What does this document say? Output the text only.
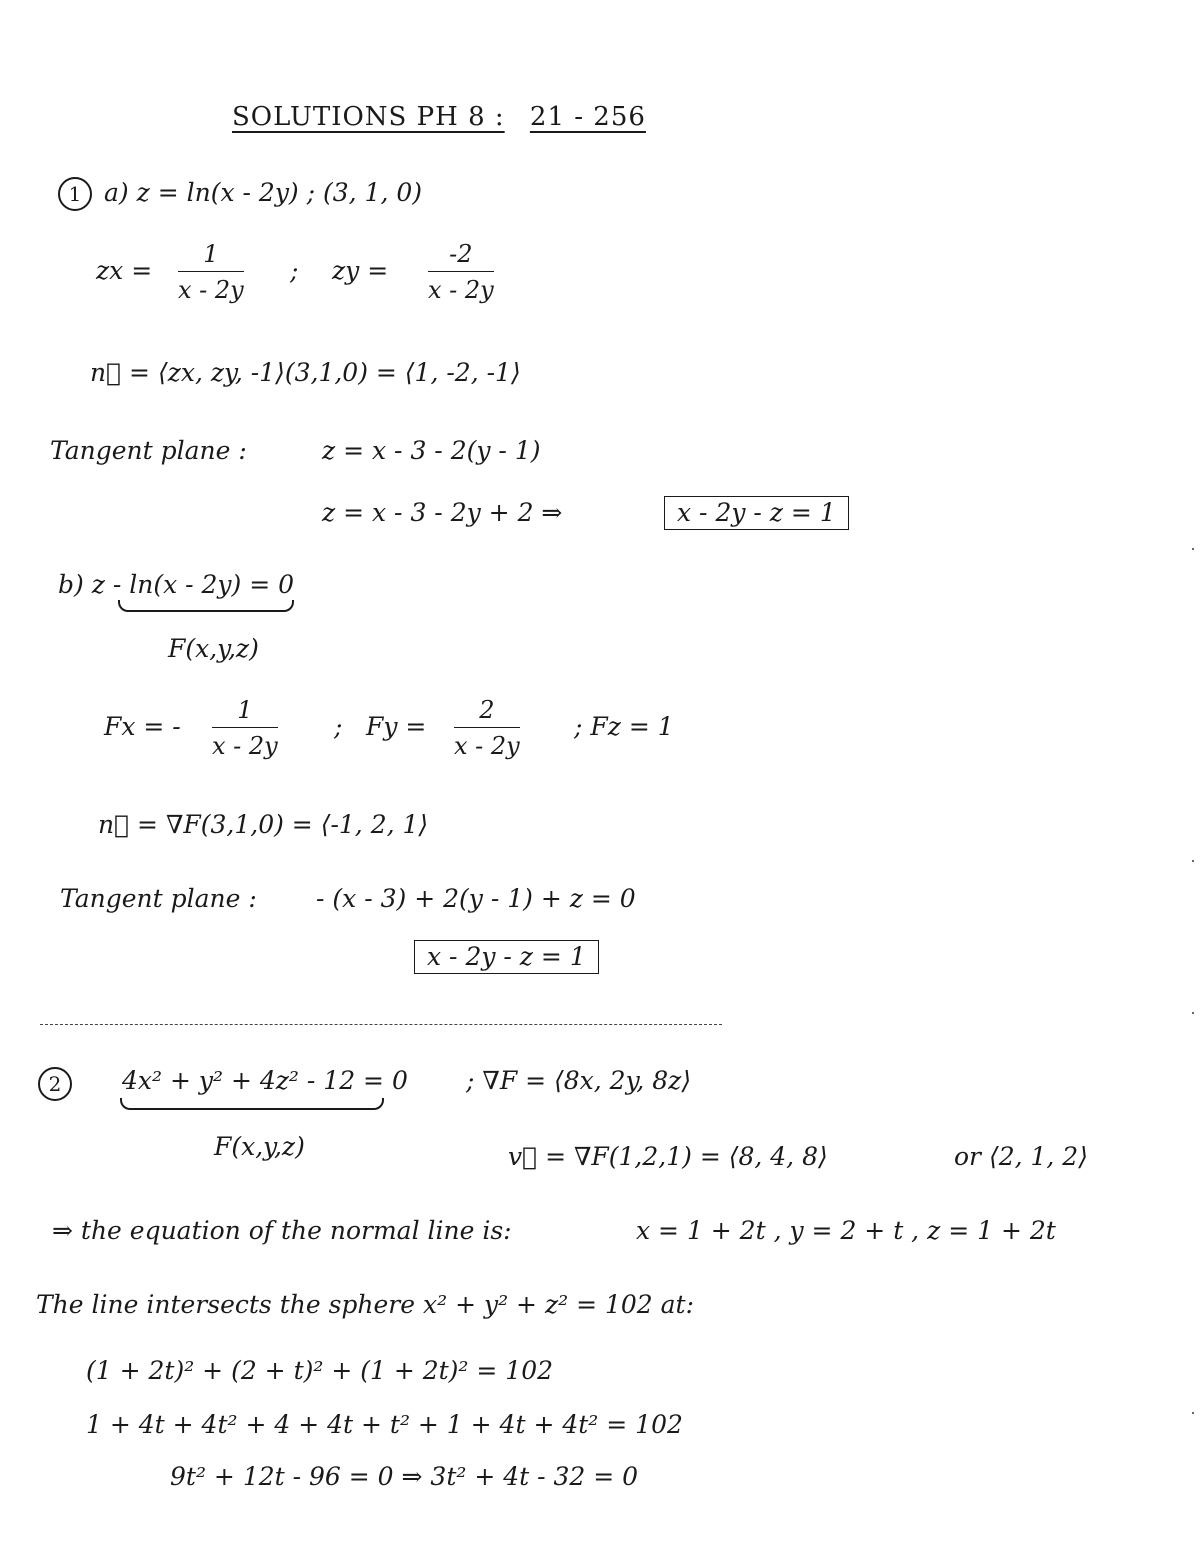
SOLUTIONS PH 8 : 21 - 256
1 a) z = ln(x - 2y) ; (3, 1, 0)
zx = $\frac{1}{x - 2y}$ ; zy = $\frac{-2}{x - 2y}$
n⃗ = ⟨zx, zy, -1⟩(3,1,0) = ⟨1, -2, -1⟩
Tangent plane :	z = x - 3 - 2(y - 1)
z = x - 3 - 2y + 2 ⇒	x - 2y - z = 1
b) z - ln(x - 2y) = 0
F(x,y,z)
Fx = - $\frac{1}{x - 2y}$ ; $Fy = \frac{2}{x - 2y}$ ; Fz = 1
n⃗ = ∇F(3,1,0) = ⟨-1, 2, 1⟩
Tangent plane : - (x - 3) + 2(y - 1) + z = 0
x - 2y - z = 1
2	4x² + y² + 4z² - 12 = 0
F(x,y,z)
; ∇F = ⟨8x, 2y, 8z⟩
v⃗ = ∇F(1,2,1) = ⟨8, 4, 8⟩	or ⟨2, 1, 2⟩
⇒ the equation of the normal line is:	x = 1 + 2t , y = 2 + t , z = 1 + 2t
The line intersects the sphere x² + y² + z² = 102 at:
(1 + 2t)² + (2 + t)² + (1 + 2t)² = 102
1 + 4t + 4t² + 4 + 4t + t² + 1 + 4t + 4t² = 102
9t² + 12t - 96 = 0 ⇒ 3t² + 4t - 32 = 0
